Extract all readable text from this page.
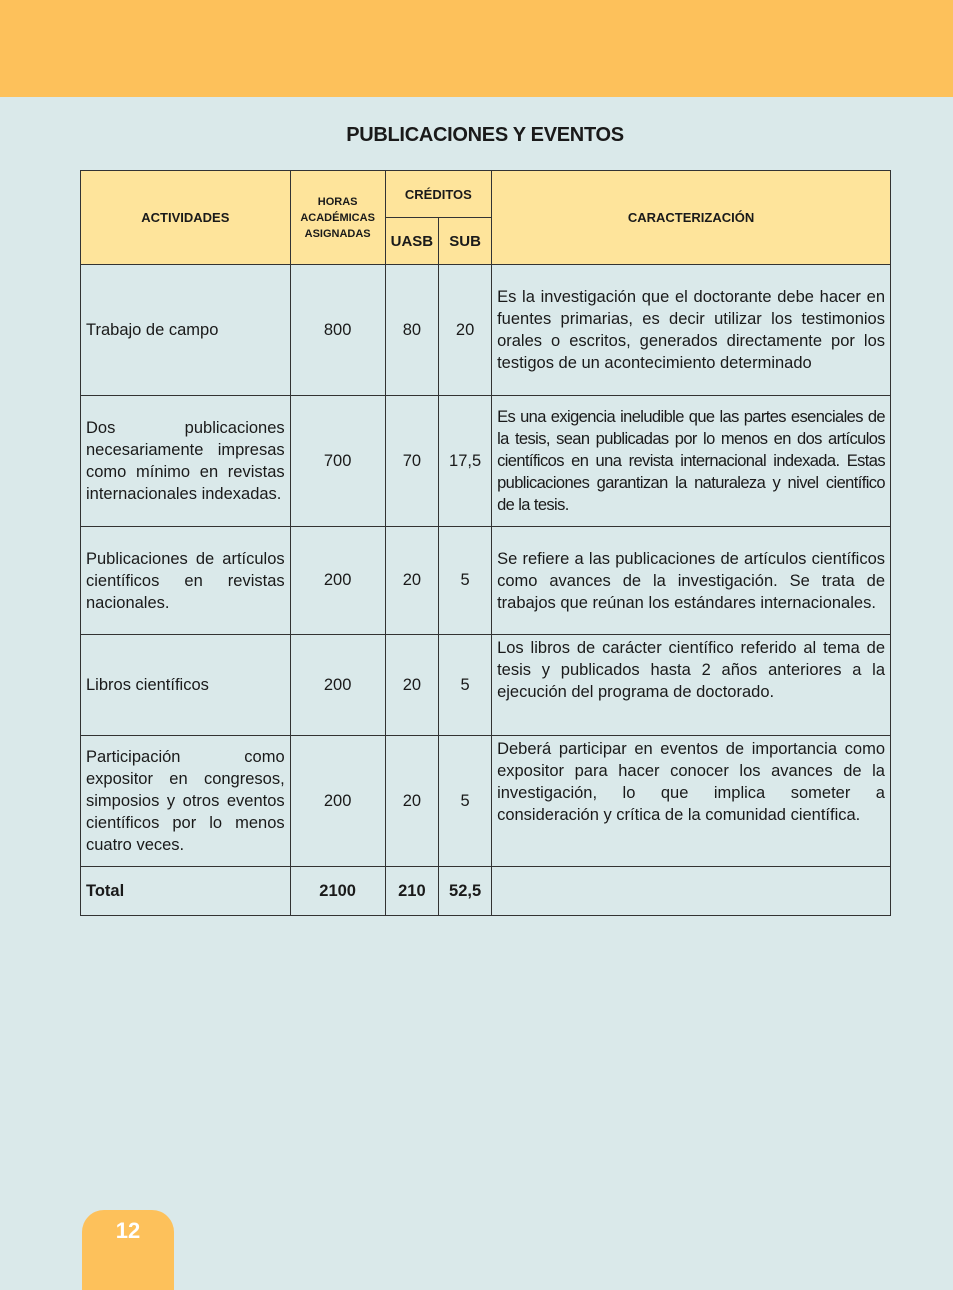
PUBLICACIONES Y EVENTOS
ACTIVIDADES	HORAS ACADÉMICAS ASIGNADAS	CRÉDITOS		CARACTERIZACIÓN
		UASB	SUB	
Trabajo de campo	800	80	20	Es la investigación que el doctorante debe hacer en fuentes primarias, es decir utilizar los testimonios orales o escritos, generados directamente por los testigos de un acontecimiento determinado
Dos publicaciones necesariamente impresas como mínimo en revistas internacionales indexadas.	700	70	17,5	Es una exigencia ineludible que las partes esenciales de la tesis, sean publicadas por lo menos en dos artículos científicos en una revista internacional indexada. Estas publicaciones garantizan la naturaleza y nivel científico de la tesis.
Publicaciones de artículos científicos en revistas nacionales.	200	20	5	Se refiere a las publicaciones de artículos científicos como avances de la investigación. Se trata de trabajos que reúnan los estándares internacionales.
Libros científicos	200	20	5	Los libros de carácter científico referido al tema de tesis y publicados hasta 2 años anteriores a la ejecución del programa de doctorado.
Participación como expositor en congresos, simposios y otros eventos científicos por lo menos cuatro veces.	200	20	5	Deberá participar en eventos de importancia como expositor para hacer conocer los avances de la investigación, lo que implica someter a consideración y crítica de la comunidad científica.
Total	2100	210	52,5	
12
